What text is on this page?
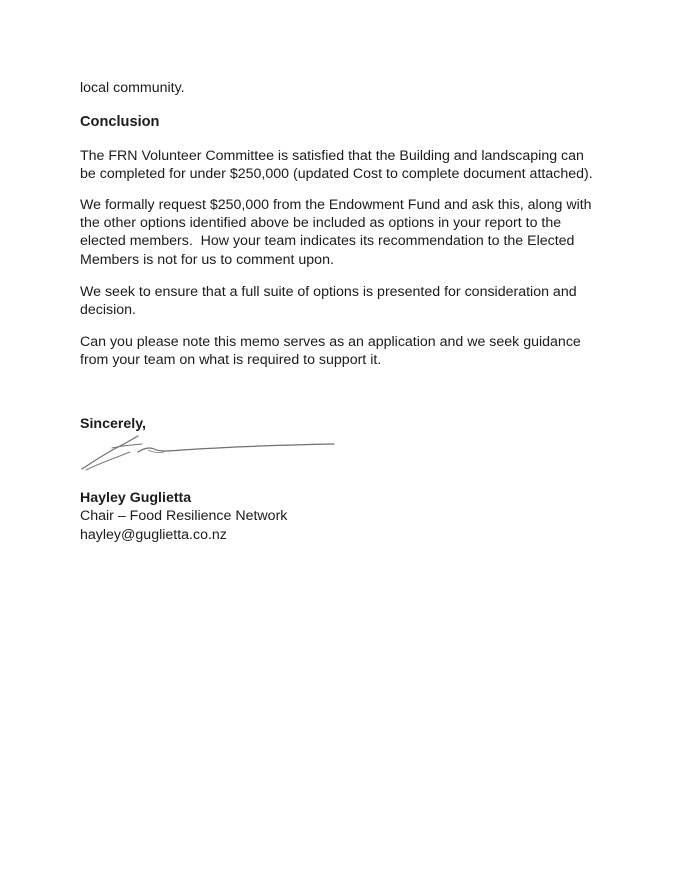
local community.

Conclusion

The FRN Volunteer Committee is satisfied that the Building and landscaping can
be completed for under $250,000 (updated Cost to complete document attached).

We formally request $250,000 from the Endowment Fund and ask this, along with
the other options identified above be included as options in your report to the
elected members.  How your team indicates its recommendation to the Elected
Members is not for us to comment upon.

We seek to ensure that a full suite of options is presented for consideration and
decision.

Can you please note this memo serves as an application and we seek guidance
from your team on what is required to support it.

Sincerely,

Hayley Guglietta

Chair – Food Resilience Network

hayley@guglietta.co.nz
